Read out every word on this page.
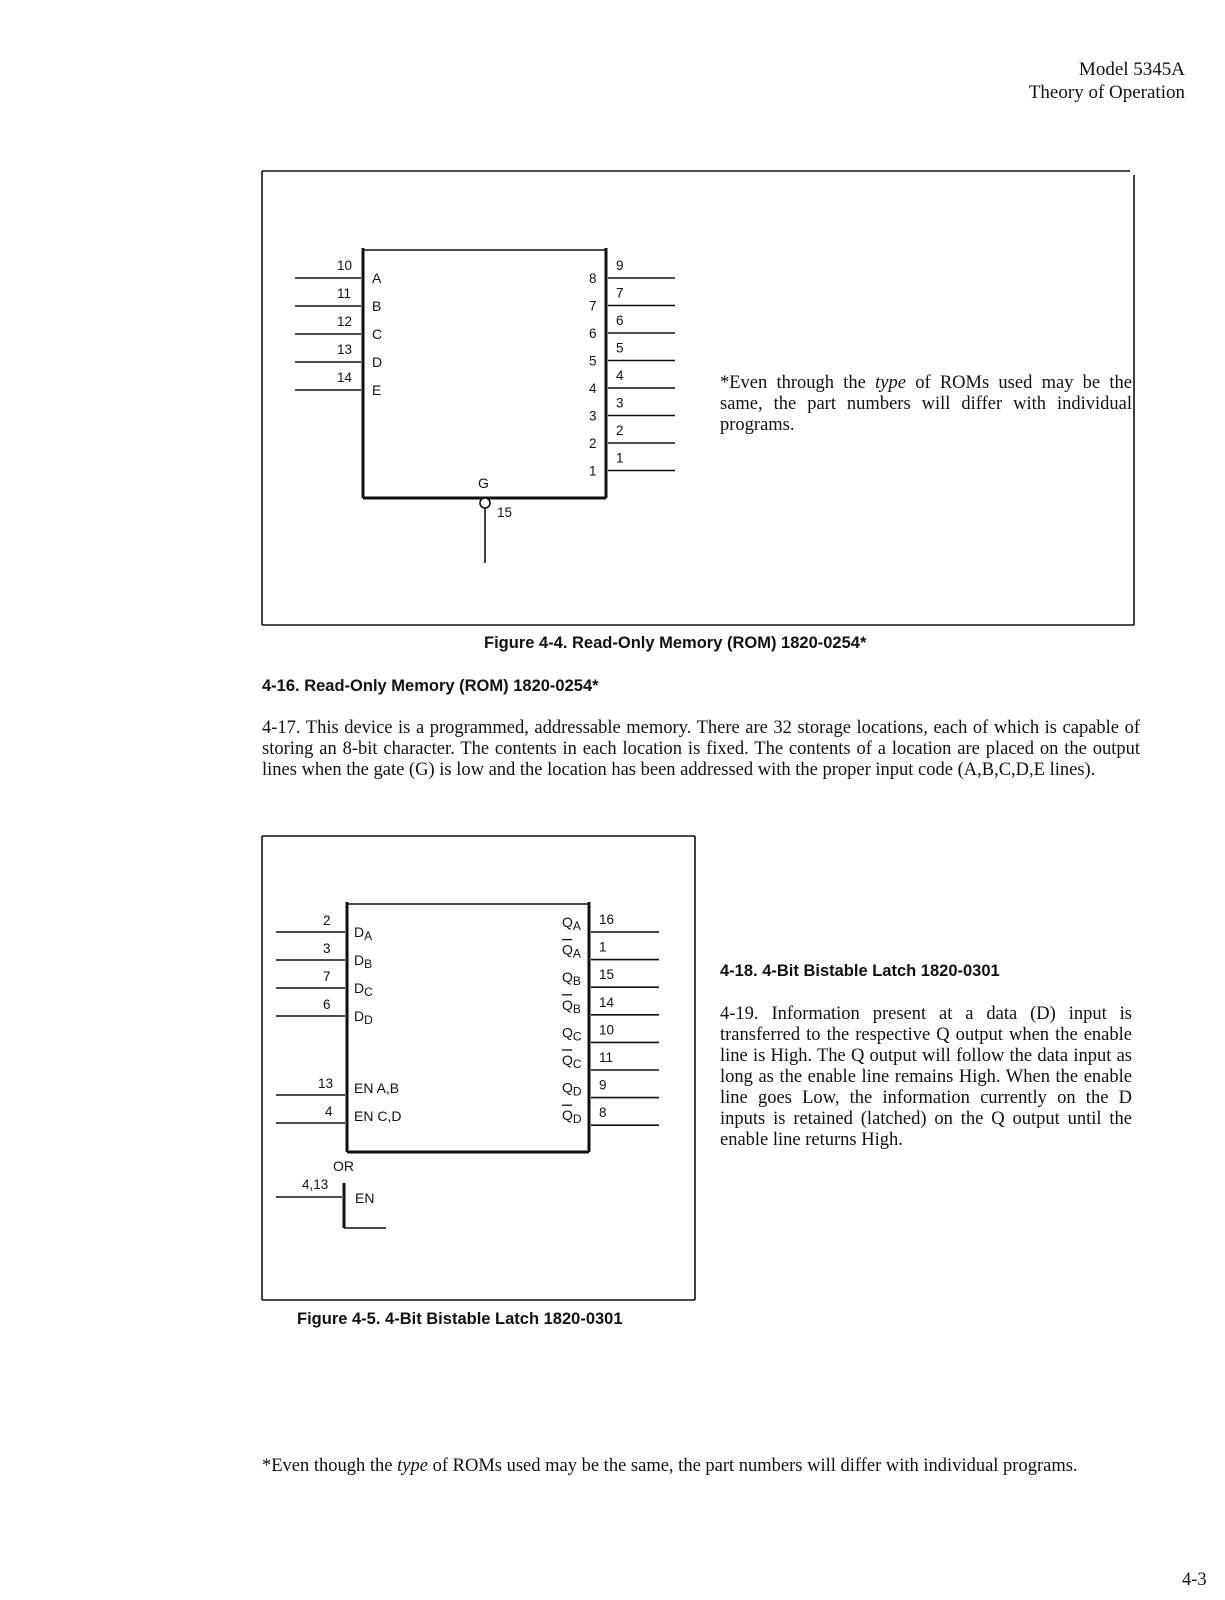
Model 5345A
Theory of Operation
10
A
11
B
12
C
13
D
14
E
8
9
7
7
6
6
5
5
4
4
3
3
2
2
1
1
G
15
*Even through the type of ROMs used may be the same, the part numbers will differ with individual programs.
Figure 4-4. Read-Only Memory (ROM) 1820-0254*
4-16. Read-Only Memory (ROM) 1820-0254*
4-17. This device is a programmed, addressable memory. There are 32 storage locations, each of which is capable of storing an 8-bit character. The contents in each location is fixed. The contents of a location are placed on the output lines when the gate (G) is low and the location has been addressed with the proper input code (A,B,C,D,E lines).
2
DA
3
DB
7
DC
6
DD
13 EN A,B
4 EN C,D
16
QA
1
QA
15
QB
14
QB
10
QC
11
QC
9
QD
8
QD
OR
4,13
EN
Figure 4-5. 4-Bit Bistable Latch 1820-0301
4-18. 4-Bit Bistable Latch 1820-0301
4-19. Information present at a data (D) input is transferred to the respective Q output when the enable line is High. The Q output will follow the data input as long as the enable line remains High. When the enable line goes Low, the information currently on the D inputs is retained (latched) on the Q output until the enable line returns High.
*Even though the type of ROMs used may be the same, the part numbers will differ with individual programs.
4-3
